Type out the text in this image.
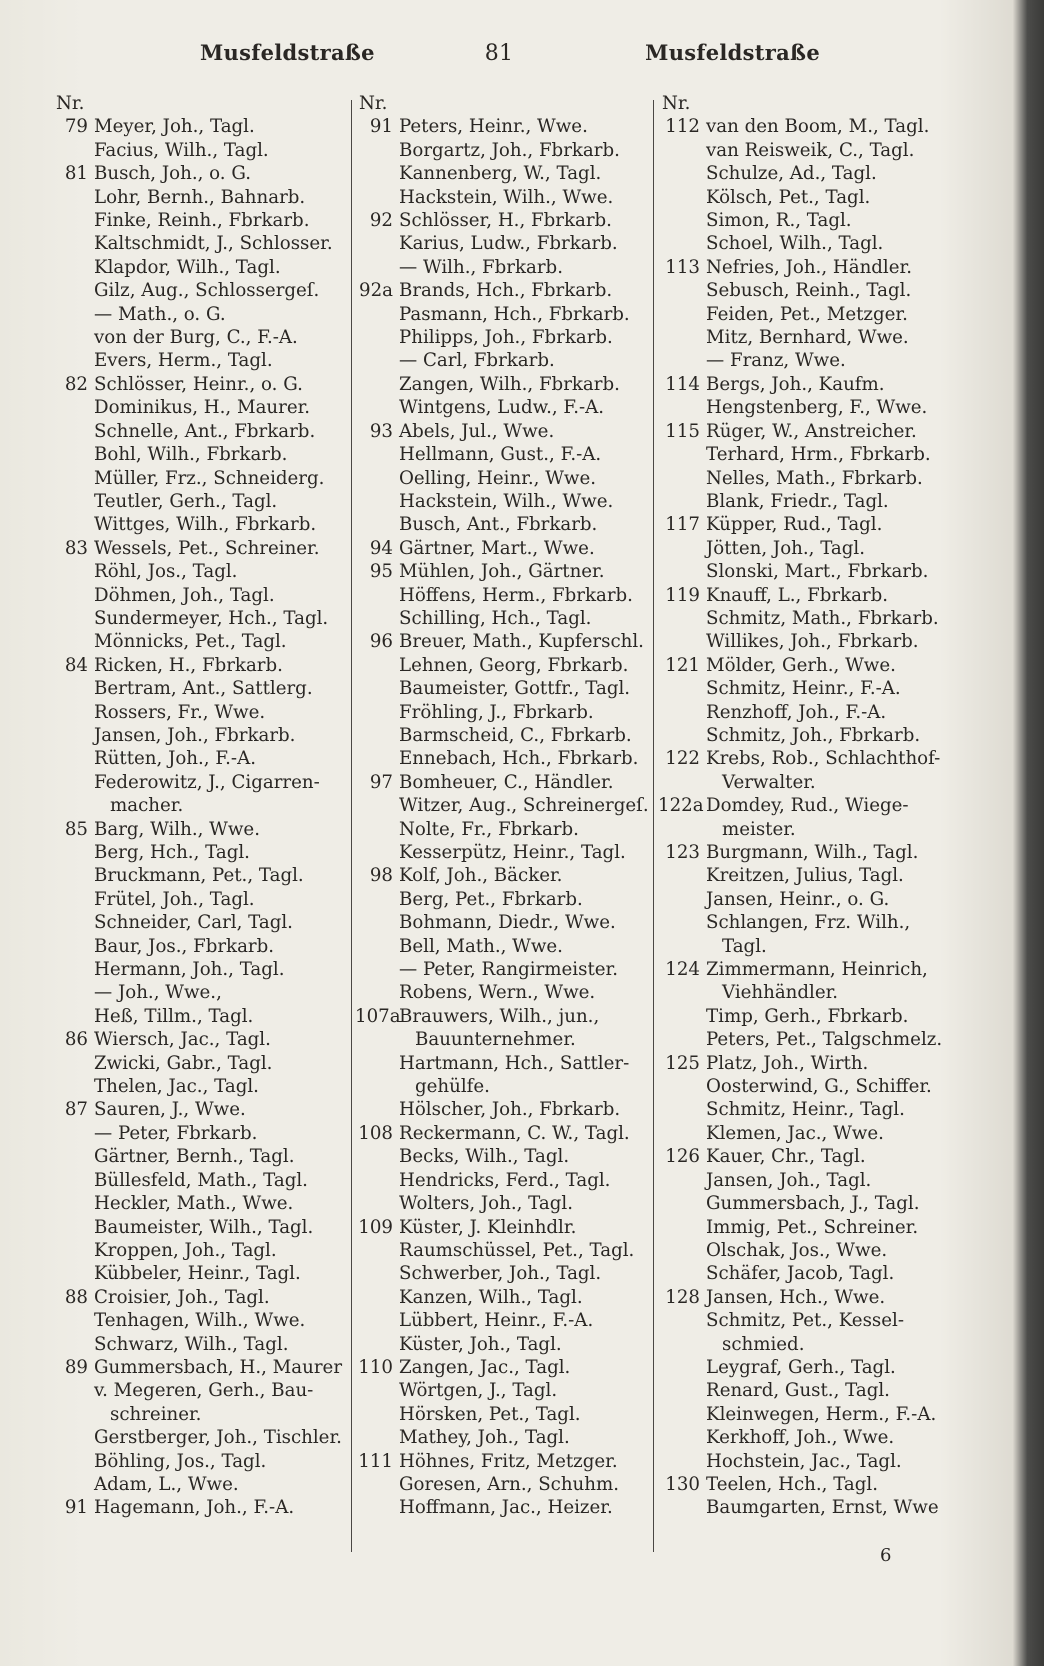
Musfeldstraße	81	Musfeldstraße
Nr.
79 Meyer, Joh., Tagl.
Facius, Wilh., Tagl.
81 Busch, Joh., o. G.
Lohr, Bernh., Bahnarb.
Finke, Reinh., Fbrkarb.
Kaltschmidt, J., Schlosser.
Klapdor, Wilh., Tagl.
Gilz, Aug., Schlossergeſ.
— Math., o. G.
von der Burg, C., F.-A.
Evers, Herm., Tagl.
82 Schlösser, Heinr., o. G.
Dominikus, H., Maurer.
Schnelle, Ant., Fbrkarb.
Bohl, Wilh., Fbrkarb.
Müller, Frz., Schneiderg.
Teutler, Gerh., Tagl.
Wittges, Wilh., Fbrkarb.
83 Wessels, Pet., Schreiner.
Röhl, Jos., Tagl.
Döhmen, Joh., Tagl.
Sundermeyer, Hch., Tagl.
Mönnicks, Pet., Tagl.
84 Ricken, H., Fbrkarb.
Bertram, Ant., Sattlerg.
Rossers, Fr., Wwe.
Jansen, Joh., Fbrkarb.
Rütten, Joh., F.-A.
Federowitz, J., Cigarren-
macher.
85 Barg, Wilh., Wwe.
Berg, Hch., Tagl.
Bruckmann, Pet., Tagl.
Frütel, Joh., Tagl.
Schneider, Carl, Tagl.
Baur, Jos., Fbrkarb.
Hermann, Joh., Tagl.
— Joh., Wwe.,
Heß, Tillm., Tagl.
86 Wiersch, Jac., Tagl.
Zwicki, Gabr., Tagl.
Thelen, Jac., Tagl.
87 Sauren, J., Wwe.
— Peter, Fbrkarb.
Gärtner, Bernh., Tagl.
Büllesfeld, Math., Tagl.
Heckler, Math., Wwe.
Baumeister, Wilh., Tagl.
Kroppen, Joh., Tagl.
Kübbeler, Heinr., Tagl.
88 Croisier, Joh., Tagl.
Tenhagen, Wilh., Wwe.
Schwarz, Wilh., Tagl.
89 Gummersbach, H., Maurer
v. Megeren, Gerh., Bau-
schreiner.
Gerstberger, Joh., Tischler.
Böhling, Jos., Tagl.
Adam, L., Wwe.
91 Hagemann, Joh., F.-A.
Nr.
91 Peters, Heinr., Wwe.
Borgartz, Joh., Fbrkarb.
Kannenberg, W., Tagl.
Hackstein, Wilh., Wwe.
92 Schlösser, H., Fbrkarb.
Karius, Ludw., Fbrkarb.
— Wilh., Fbrkarb.
92a Brands, Hch., Fbrkarb.
Pasmann, Hch., Fbrkarb.
Philipps, Joh., Fbrkarb.
— Carl, Fbrkarb.
Zangen, Wilh., Fbrkarb.
Wintgens, Ludw., F.-A.
93 Abels, Jul., Wwe.
Hellmann, Gust., F.-A.
Oelling, Heinr., Wwe.
Hackstein, Wilh., Wwe.
Busch, Ant., Fbrkarb.
94 Gärtner, Mart., Wwe.
95 Mühlen, Joh., Gärtner.
Höffens, Herm., Fbrkarb.
Schilling, Hch., Tagl.
96 Breuer, Math., Kupferschl.
Lehnen, Georg, Fbrkarb.
Baumeister, Gottfr., Tagl.
Fröhling, J., Fbrkarb.
Barmscheid, C., Fbrkarb.
Ennebach, Hch., Fbrkarb.
97 Bomheuer, C., Händler.
Witzer, Aug., Schreinergeſ.
Nolte, Fr., Fbrkarb.
Kesserpütz, Heinr., Tagl.
98 Kolf, Joh., Bäcker.
Berg, Pet., Fbrkarb.
Bohmann, Diedr., Wwe.
Bell, Math., Wwe.
— Peter, Rangirmeister.
Robens, Wern., Wwe.
107a
Brauwers, Wilh., jun.,
Bauunternehmer.
Hartmann, Hch., Sattler-
gehülfe.
Hölscher, Joh., Fbrkarb.
108 Reckermann, C. W., Tagl.
Becks, Wilh., Tagl.
Hendricks, Ferd., Tagl.
Wolters, Joh., Tagl.
109 Küster, J. Kleinhdlr.
Raumschüssel, Pet., Tagl.
Schwerber, Joh., Tagl.
Kanzen, Wilh., Tagl.
Lübbert, Heinr., F.-A.
Küster, Joh., Tagl.
110 Zangen, Jac., Tagl.
Wörtgen, J., Tagl.
Hörsken, Pet., Tagl.
Mathey, Joh., Tagl.
111 Höhnes, Fritz, Metzger.
Goresen, Arn., Schuhm.
Hoffmann, Jac., Heizer.
Nr.
112 van den Boom, M., Tagl.
van Reisweik, C., Tagl.
Schulze, Ad., Tagl.
Kölsch, Pet., Tagl.
Simon, R., Tagl.
Schoel, Wilh., Tagl.
113 Nefries, Joh., Händler.
Sebusch, Reinh., Tagl.
Feiden, Pet., Metzger.
Mitz, Bernhard, Wwe.
— Franz, Wwe.
114 Bergs, Joh., Kaufm.
Hengstenberg, F., Wwe.
115 Rüger, W., Anstreicher.
Terhard, Hrm., Fbrkarb.
Nelles, Math., Fbrkarb.
Blank, Friedr., Tagl.
117 Küpper, Rud., Tagl.
Jötten, Joh., Tagl.
Slonski, Mart., Fbrkarb.
119 Knauff, L., Fbrkarb.
Schmitz, Math., Fbrkarb.
Willikes, Joh., Fbrkarb.
121 Mölder, Gerh., Wwe.
Schmitz, Heinr., F.-A.
Renzhoff, Joh., F.-A.
Schmitz, Joh., Fbrkarb.
122 Krebs, Rob., Schlachthof-
Verwalter.
122a Domdey, Rud., Wiege-
meister.
123 Burgmann, Wilh., Tagl.
Kreitzen, Julius, Tagl.
Jansen, Heinr., o. G.
Schlangen, Frz. Wilh.,
Tagl.
124 Zimmermann, Heinrich,
Viehhändler.
Timp, Gerh., Fbrkarb.
Peters, Pet., Talgschmelz.
125 Platz, Joh., Wirth.
Oosterwind, G., Schiffer.
Schmitz, Heinr., Tagl.
Klemen, Jac., Wwe.
126 Kauer, Chr., Tagl.
Jansen, Joh., Tagl.
Gummersbach, J., Tagl.
Immig, Pet., Schreiner.
Olschak, Jos., Wwe.
Schäfer, Jacob, Tagl.
128 Jansen, Hch., Wwe.
Schmitz, Pet., Kessel-
schmied.
Leygraf, Gerh., Tagl.
Renard, Gust., Tagl.
Kleinwegen, Herm., F.-A.
Kerkhoff, Joh., Wwe.
Hochstein, Jac., Tagl.
130 Teelen, Hch., Tagl.
Baumgarten, Ernst, Wwe
6
